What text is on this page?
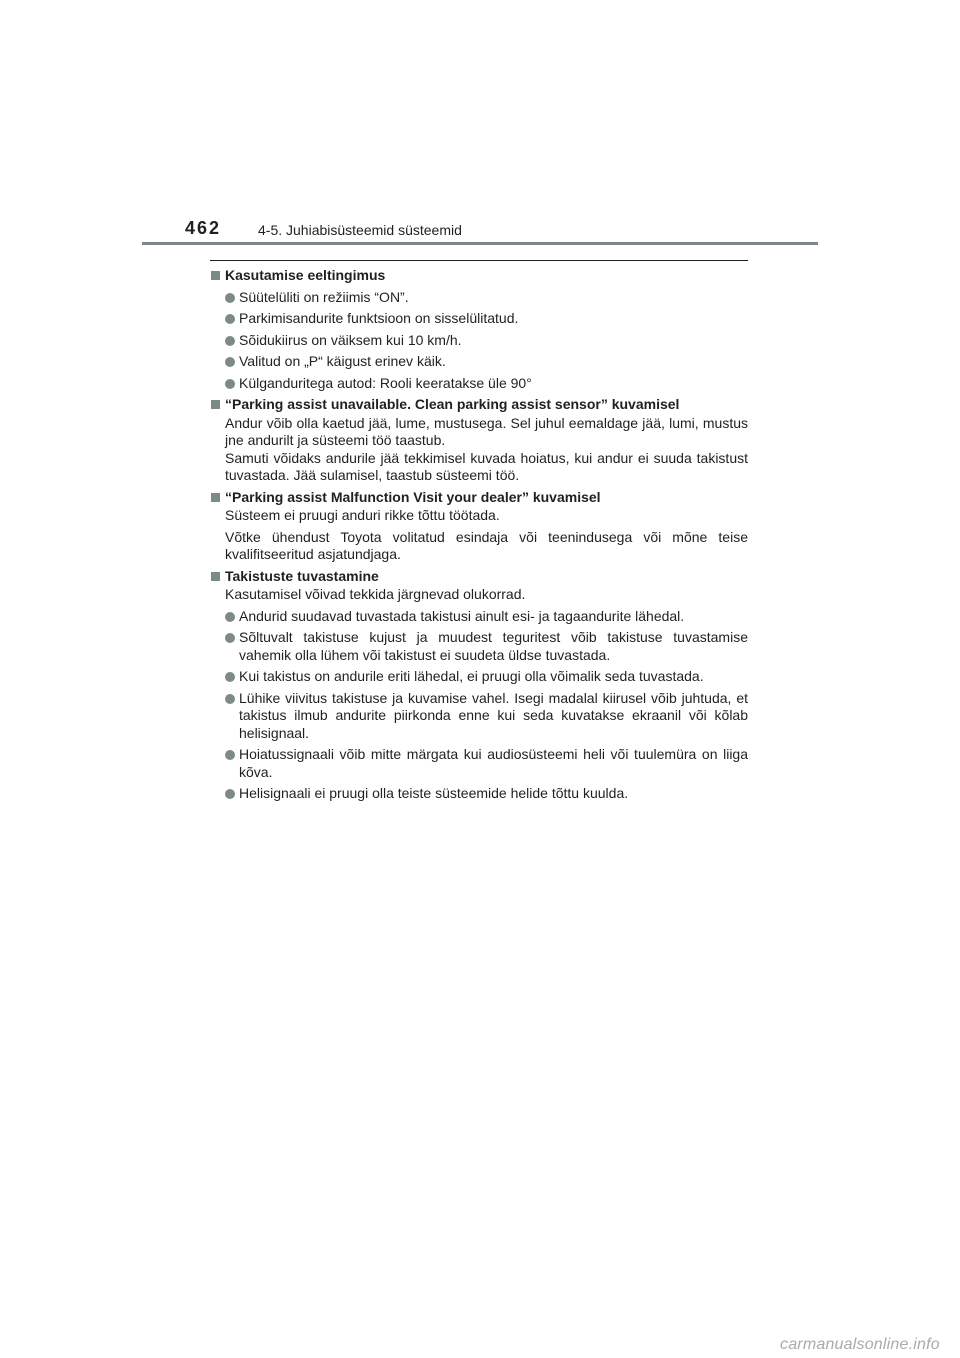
462	4-5. Juhiabisüsteemid süsteemid
Kasutamise eeltingimus
Süütelüliti on režiimis “ON”.
Parkimisandurite funktsioon on sisselülitatud.
Sõidukiirus on väiksem kui 10 km/h.
Valitud on „P“ käigust erinev käik.
Külganduritega autod: Rooli keeratakse üle 90°
“Parking assist unavailable. Clean parking assist sensor” kuvamisel
Andur võib olla kaetud jää, lume, mustusega. Sel juhul eemaldage jää, lumi, mustus jne andurilt ja süsteemi töö taastub.
Samuti võidaks andurile jää tekkimisel kuvada hoiatus, kui andur ei suuda takistust tuvastada. Jää sulamisel, taastub süsteemi töö.
“Parking assist Malfunction Visit your dealer” kuvamisel
Süsteem ei pruugi anduri rikke tõttu töötada.
Võtke ühendust Toyota volitatud esindaja või teenindusega või mõne teise kvalifitseeritud asjatundjaga.
Takistuste tuvastamine
Kasutamisel võivad tekkida järgnevad olukorrad.
Andurid suudavad tuvastada takistusi ainult esi- ja tagaandurite lähedal.
Sõltuvalt takistuse kujust ja muudest teguritest võib takistuse tuvastamise vahemik olla lühem või takistust ei suudeta üldse tuvastada.
Kui takistus on andurile eriti lähedal, ei pruugi olla võimalik seda tuvastada.
Lühike viivitus takistuse ja kuvamise vahel. Isegi madalal kiirusel võib juhtuda, et takistus ilmub andurite piirkonda enne kui seda kuvatakse ekraanil või kõlab helisignaal.
Hoiatussignaali võib mitte märgata kui audiosüsteemi heli või tuulemüra on liiga kõva.
Helisignaali ei pruugi olla teiste süsteemide helide tõttu kuulda.
carmanualsonline.info
